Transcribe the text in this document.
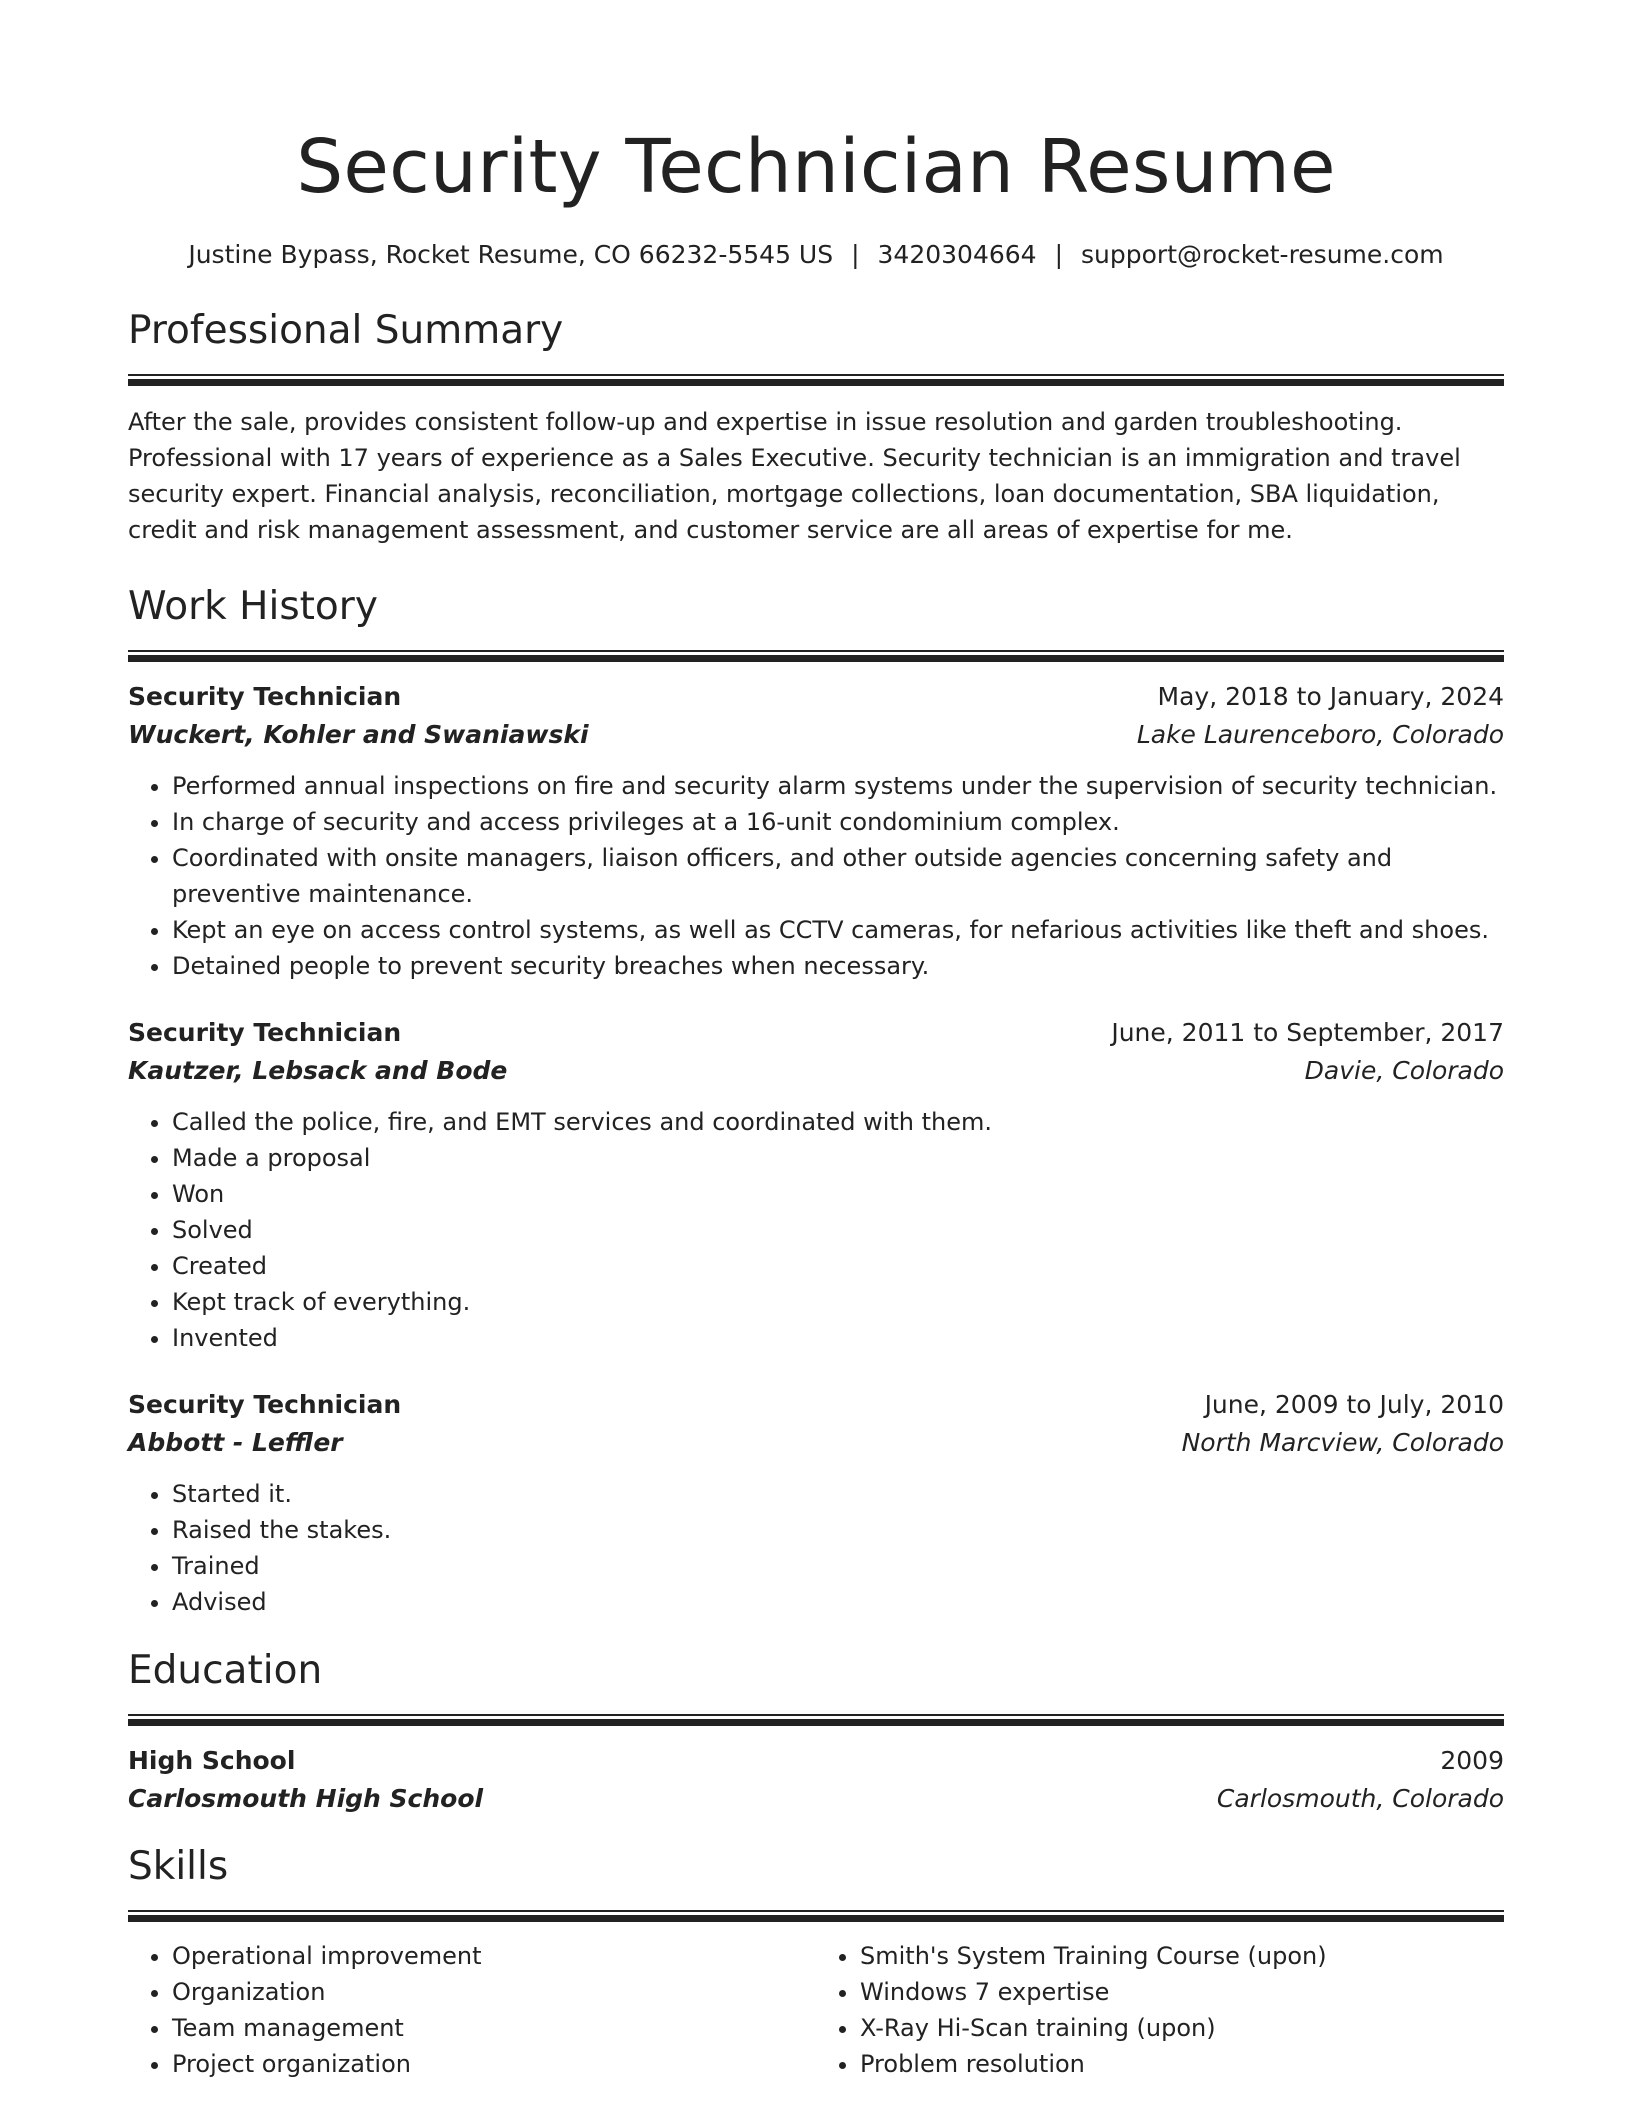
Security Technician Resume
Justine Bypass, Rocket Resume, CO 66232-5545 US | 3420304664 | support@rocket-resume.com
Professional Summary

After the sale, provides consistent follow-up and expertise in issue resolution and garden troubleshooting. Professional with 17 years of experience as a Sales Executive. Security technician is an immigration and travel security expert. Financial analysis, reconciliation, mortgage collections, loan documentation, SBA liquidation, credit and risk management assessment, and customer service are all areas of expertise for me.

Work History
Security Technician	May, 2018 to January, 2024
Wuckert, Kohler and Swaniawski	Lake Laurenceboro, Colorado
• Performed annual inspections on fire and security alarm systems under the supervision of security technician.
• In charge of security and access privileges at a 16-unit condominium complex.
• Coordinated with onsite managers, liaison officers, and other outside agencies concerning safety and preventive maintenance.
• Kept an eye on access control systems, as well as CCTV cameras, for nefarious activities like theft and shoes.
• Detained people to prevent security breaches when necessary.
Security Technician	June, 2011 to September, 2017
Kautzer, Lebsack and Bode	Davie, Colorado
• Called the police, fire, and EMT services and coordinated with them.
• Made a proposal
• Won
• Solved
• Created
• Kept track of everything.
• Invented
Security Technician	June, 2009 to July, 2010
Abbott - Leffler	North Marcview, Colorado
• Started it.
• Raised the stakes.
• Trained
• Advised
Education
High School	2009
Carlosmouth High School	Carlosmouth, Colorado
Skills
• Operational improvement
• Organization
• Team management
• Project organization
• Smith's System Training Course (upon)
• Windows 7 expertise
• X-Ray Hi-Scan training (upon)
• Problem resolution
